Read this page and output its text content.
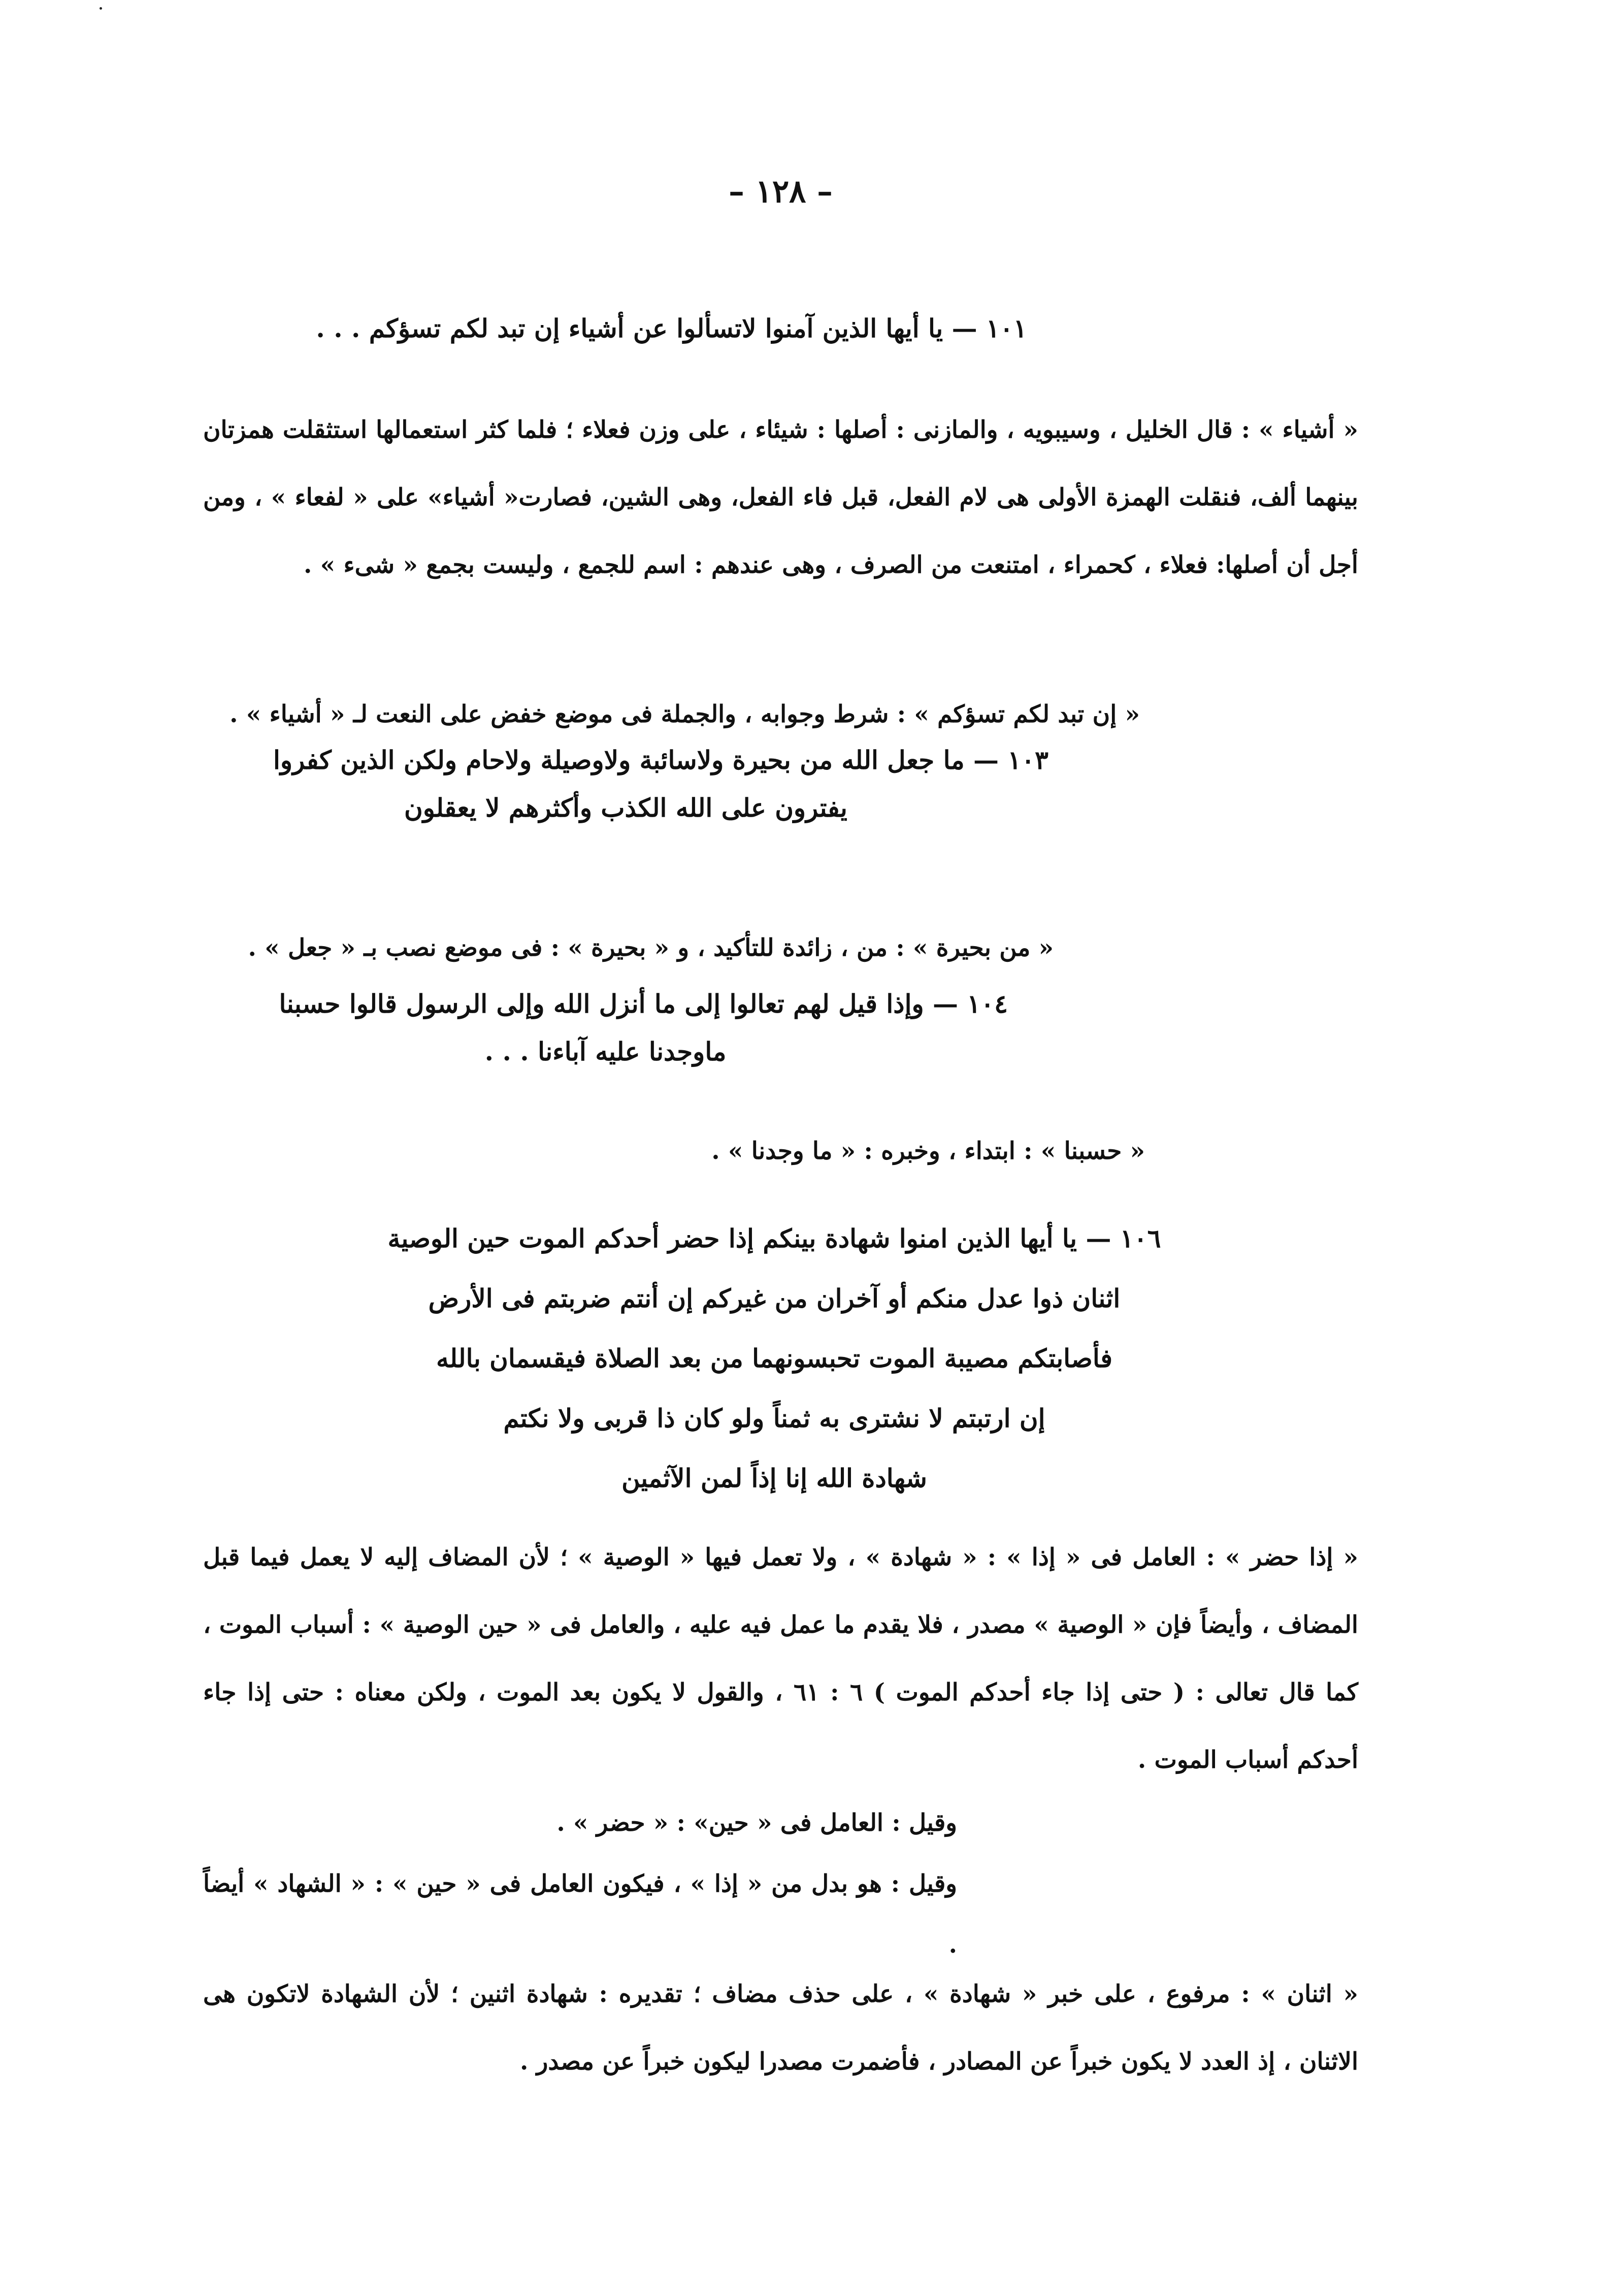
– ١٢٨ –

١٠١ — يا أيها الذين آمنوا لاتسألوا عن أشياء إن تبد لكم تسؤكم . . .

« أشياء » : قال الخليل ، وسيبويه ، والمازنى : أصلها : شيئاء ، على وزن فعلاء ؛ فلما كثر استعمالها استثقلت همزتان بينهما ألف، فنقلت الهمزة الأولى هى لام الفعل، قبل فاء الفعل، وهى الشين، فصارت« أشياء» على « لفعاء » ، ومن أجل أن أصلها: فعلاء ، كحمراء ، امتنعت من الصرف ، وهى عندهم : اسم للجمع ، وليست بجمع « شىء » .

« إن تبد لكم تسؤكم » : شرط وجوابه ، والجملة فى موضع خفض على النعت لـ « أشياء » .

١٠٣ — ما جعل الله من بحيرة ولاسائبة ولاوصيلة ولاحام ولكن الذين كفروا
يفترون على الله الكذب وأكثرهم لا يعقلون

« من بحيرة » : من ، زائدة للتأكيد ، و « بحيرة » : فى موضع نصب بـ « جعل » .

١٠٤ — وإذا قيل لهم تعالوا إلى ما أنزل الله وإلى الرسول قالوا حسبنا
ماوجدنا عليه آباءنا . . .

« حسبنا » : ابتداء ، وخبره : « ما وجدنا » .

١٠٦ — يا أيها الذين امنوا شهادة بينكم إذا حضر أحدكم الموت حين الوصية
اثنان ذوا عدل منكم أو آخران من غيركم إن أنتم ضربتم فى الأرض
فأصابتكم مصيبة الموت تحبسونهما من بعد الصلاة فيقسمان بالله
إن ارتبتم لا نشترى به ثمناً ولو كان ذا قربى ولا نكتم
شهادة الله إنا إذاً لمن الآثمين

« إذا حضر » : العامل فى « إذا » : « شهادة » ، ولا تعمل فيها « الوصية » ؛ لأن المضاف إليه لا يعمل فيما قبل المضاف ، وأيضاً فإن « الوصية » مصدر ، فلا يقدم ما عمل فيه عليه ، والعامل فى « حين الوصية » : أسباب الموت ، كما قال تعالى : ( حتى إذا جاء أحدكم الموت ) ٦ : ٦١ ، والقول لا يكون بعد الموت ، ولكن معناه : حتى إذا جاء أحدكم أسباب الموت .

وقيل : العامل فى « حين» : « حضر » .
وقيل : هو بدل من « إذا » ، فيكون العامل فى « حين » : « الشهاد » أيضاً .

« اثنان » : مرفوع ، على خبر « شهادة » ، على حذف مضاف ؛ تقديره : شهادة اثنين ؛ لأن الشهادة لاتكون هى الاثنان ، إذ العدد لا يكون خبراً عن المصادر ، فأضمرت مصدرا ليكون خبراً عن مصدر .
